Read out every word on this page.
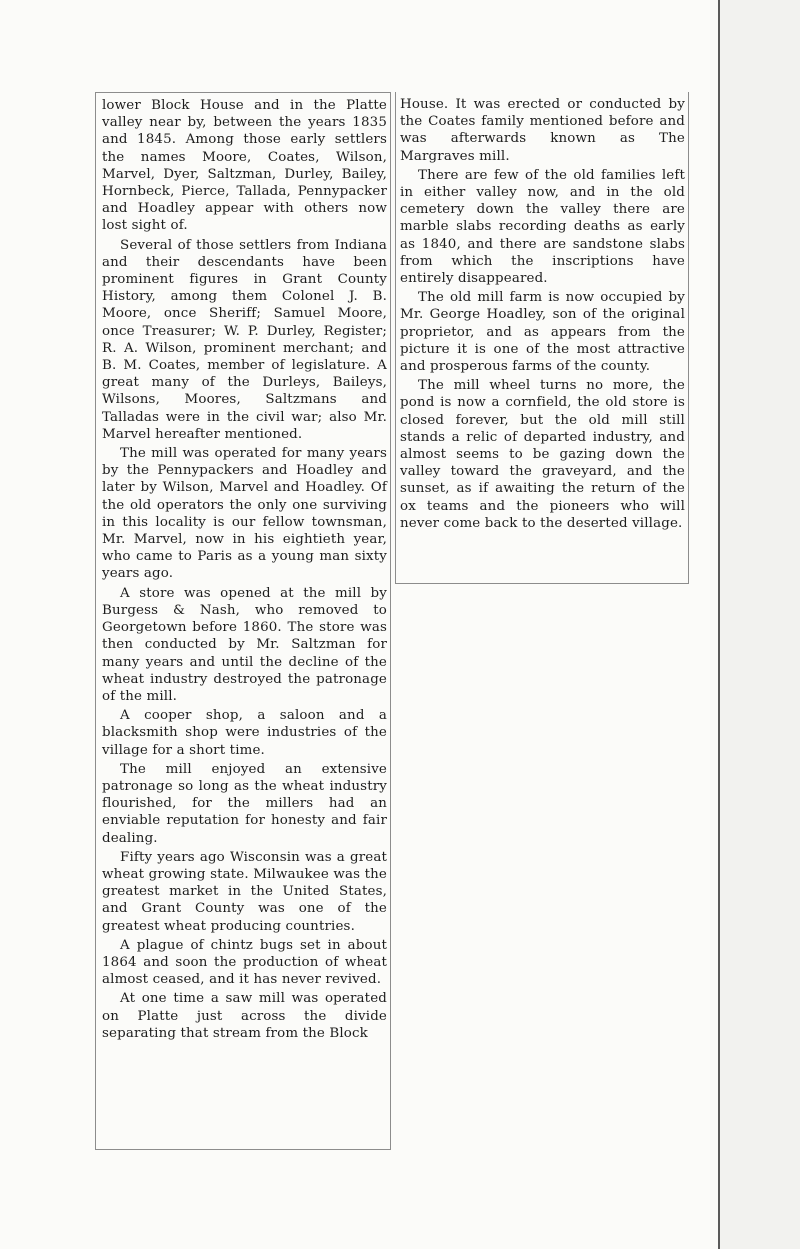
lower Block House and in the Platte valley near by, between the years 1835 and 1845. Among those early settlers the names Moore, Coates, Wilson, Marvel, Dyer, Saltzman, Durley, Bailey, Hornbeck, Pierce, Tallada, Pennypacker and Hoadley appear with others now lost sight of.

Several of those settlers from Indiana and their descendants have been prominent figures in Grant County History, among them Colonel J. B. Moore, once Sheriff; Samuel Moore, once Treasurer; W. P. Durley, Register; R. A. Wilson, prominent merchant; and B. M. Coates, member of legislature. A great many of the Durleys, Baileys, Wilsons, Moores, Saltzmans and Talladas were in the civil war; also Mr. Marvel hereafter mentioned.

The mill was operated for many years by the Pennypackers and Hoadley and later by Wilson, Marvel and Hoadley. Of the old operators the only one surviving in this locality is our fellow townsman, Mr. Marvel, now in his eightieth year, who came to Paris as a young man sixty years ago.

A store was opened at the mill by Burgess & Nash, who removed to Georgetown before 1860. The store was then conducted by Mr. Saltzman for many years and until the decline of the wheat industry destroyed the patronage of the mill.

A cooper shop, a saloon and a blacksmith shop were industries of the village for a short time.

The mill enjoyed an extensive patronage so long as the wheat industry flourished, for the millers had an enviable reputation for honesty and fair dealing.

Fifty years ago Wisconsin was a great wheat growing state. Milwaukee was the greatest market in the United States, and Grant County was one of the greatest wheat producing countries.

A plague of chintz bugs set in about 1864 and soon the production of wheat almost ceased, and it has never revived.

At one time a saw mill was operated on Platte just across the divide separating that stream from the Block

House. It was erected or conducted by the Coates family mentioned before and was afterwards known as The Margraves mill.

There are few of the old families left in either valley now, and in the old cemetery down the valley there are marble slabs recording deaths as early as 1840, and there are sandstone slabs from which the inscriptions have entirely disappeared.

The old mill farm is now occupied by Mr. George Hoadley, son of the original proprietor, and as appears from the picture it is one of the most attractive and prosperous farms of the county.

The mill wheel turns no more, the pond is now a cornfield, the old store is closed forever, but the old mill still stands a relic of departed industry, and almost seems to be gazing down the valley toward the graveyard, and the sunset, as if awaiting the return of the ox teams and the pioneers who will never come back to the deserted village.
